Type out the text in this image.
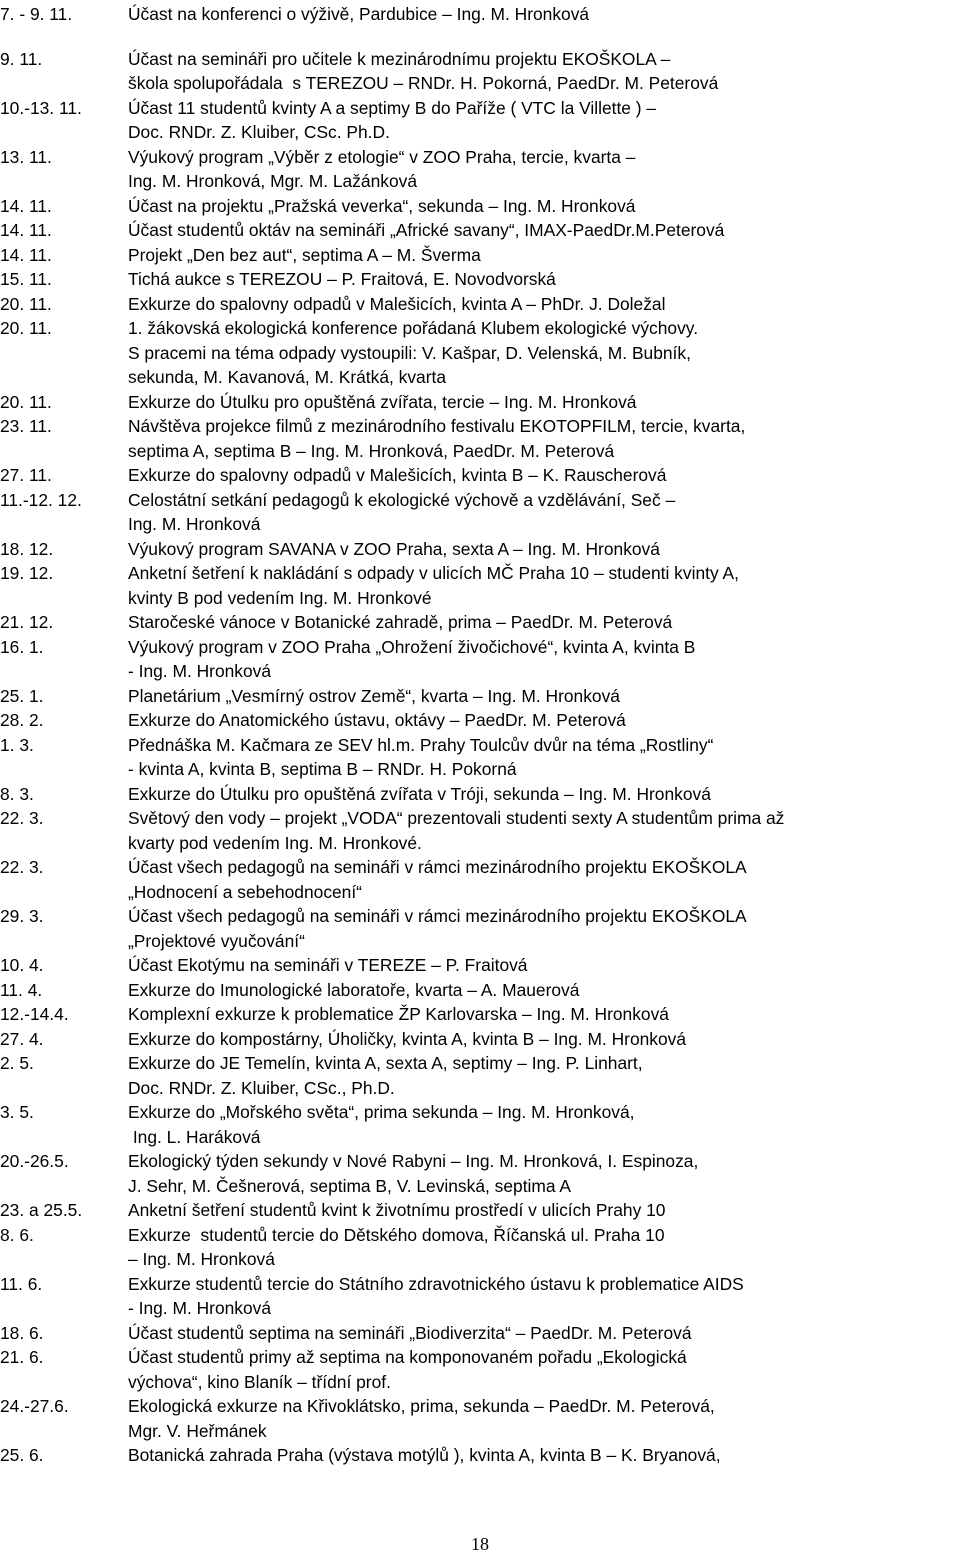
7. - 9. 11.	Účast na konferenci o výživě, Pardubice – Ing. M. Hronková
9. 11.	Účast na semináři pro učitele k mezinárodnímu projektu EKOŠKOLA –
škola spolupořádala  s TEREZOU – RNDr. H. Pokorná, PaedDr. M. Peterová
10.-13. 11.	Účast 11 studentů kvinty A a septimy B do Paříže ( VTC la Villette ) –
Doc. RNDr. Z. Kluiber, CSc. Ph.D.
13. 11.	Výukový program „Výběr z etologie“ v ZOO Praha, tercie, kvarta –
Ing. M. Hronková, Mgr. M. Lažánková
14. 11.	Účast na projektu „Pražská veverka“, sekunda – Ing. M. Hronková
14. 11.	Účast studentů oktáv na semináři „Africké savany“, IMAX-PaedDr.M.Peterová
14. 11.	Projekt „Den bez aut“, septima A – M. Šverma
15. 11.	Tichá aukce s TEREZOU – P. Fraitová, E. Novodvorská
20. 11.	Exkurze do spalovny odpadů v Malešicích, kvinta A – PhDr. J. Doležal
20. 11.	1. žákovská ekologická konference pořádaná Klubem ekologické výchovy.
S pracemi na téma odpady vystoupili: V. Kašpar, D. Velenská, M. Bubník,
sekunda, M. Kavanová, M. Krátká, kvarta
20. 11.	Exkurze do Útulku pro opuštěná zvířata, tercie – Ing. M. Hronková
23. 11.	Návštěva projekce filmů z mezinárodního festivalu EKOTOPFILM, tercie, kvarta,
septima A, septima B – Ing. M. Hronková, PaedDr. M. Peterová
27. 11.	Exkurze do spalovny odpadů v Malešicích, kvinta B – K. Rauscherová
11.-12. 12.	Celostátní setkání pedagogů k ekologické výchově a vzdělávání, Seč –
Ing. M. Hronková
18. 12.	Výukový program SAVANA v ZOO Praha, sexta A – Ing. M. Hronková
19. 12.	Anketní šetření k nakládání s odpady v ulicích MČ Praha 10 – studenti kvinty A,
kvinty B pod vedením Ing. M. Hronkové
21. 12.	Staročeské vánoce v Botanické zahradě, prima – PaedDr. M. Peterová
16. 1.	Výukový program v ZOO Praha „Ohrožení živočichové“, kvinta A, kvinta B
- Ing. M. Hronková
25. 1.	Planetárium „Vesmírný ostrov Země“, kvarta – Ing. M. Hronková
28. 2.	Exkurze do Anatomického ústavu, oktávy – PaedDr. M. Peterová
1. 3.	Přednáška M. Kačmara ze SEV hl.m. Prahy Toulcův dvůr na téma „Rostliny“
- kvinta A, kvinta B, septima B – RNDr. H. Pokorná
8. 3.	Exkurze do Útulku pro opuštěná zvířata v Tróji, sekunda – Ing. M. Hronková
22. 3.	Světový den vody – projekt „VODA“ prezentovali studenti sexty A studentům prima až
kvarty pod vedením Ing. M. Hronkové.
22. 3.	Účast všech pedagogů na semináři v rámci mezinárodního projektu EKOŠKOLA
„Hodnocení a sebehodnocení“
29. 3.	Účast všech pedagogů na semináři v rámci mezinárodního projektu EKOŠKOLA
„Projektové vyučování“
10. 4.	Účast Ekotýmu na semináři v TEREZE – P. Fraitová
11. 4.	Exkurze do Imunologické laboratoře, kvarta – A. Mauerová
12.-14.4.	Komplexní exkurze k problematice ŽP Karlovarska – Ing. M. Hronková
27. 4.	Exkurze do kompostárny, Úholičky, kvinta A, kvinta B – Ing. M. Hronková
2. 5.	Exkurze do JE Temelín, kvinta A, sexta A, septimy – Ing. P. Linhart,
Doc. RNDr. Z. Kluiber, CSc., Ph.D.
3. 5.	Exkurze do „Mořského světa“, prima sekunda – Ing. M. Hronková,
Ing. L. Haráková
20.-26.5.	Ekologický týden sekundy v Nové Rabyni – Ing. M. Hronková, I. Espinoza,
J. Sehr, M. Češnerová, septima B, V. Levinská, septima A
23. a 25.5.	Anketní šetření studentů kvint k životnímu prostředí v ulicích Prahy 10
8. 6.	Exkurze  studentů tercie do Dětského domova, Říčanská ul. Praha 10
– Ing. M. Hronková
11. 6.	Exkurze studentů tercie do Státního zdravotnického ústavu k problematice AIDS
- Ing. M. Hronková
18. 6.	Účast studentů septima na semináři „Biodiverzita“ – PaedDr. M. Peterová
21. 6.	Účast studentů primy až septima na komponovaném pořadu „Ekologická
výchova“, kino Blaník – třídní prof.
24.-27.6.	Ekologická exkurze na Křivoklátsko, prima, sekunda – PaedDr. M. Peterová,
Mgr. V. Heřmánek
25. 6.	Botanická zahrada Praha (výstava motýlů ), kvinta A, kvinta B – K. Bryanová,
18
